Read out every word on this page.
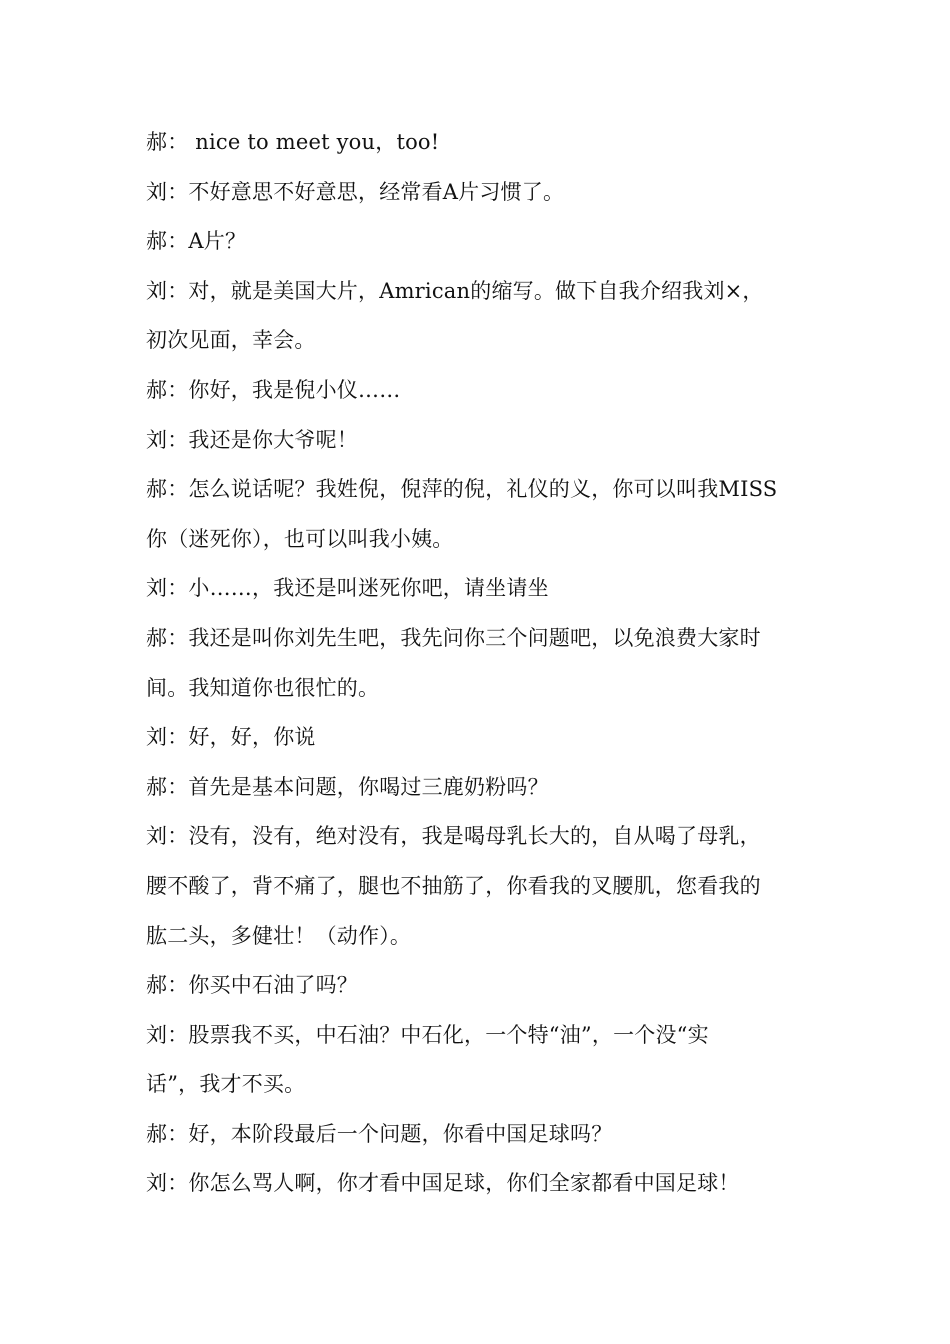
郝： nice to meet you，too!
刘：不好意思不好意思，经常看A片习惯了。
郝：A片？
刘：对，就是美国大片，Amrican的缩写。做下自我介绍我刘×，
初次见面，幸会。
郝：你好，我是倪小仪……
刘：我还是你大爷呢！
郝：怎么说话呢？我姓倪，倪萍的倪，礼仪的义，你可以叫我MISS
你（迷死你），也可以叫我小姨。
刘：小……，我还是叫迷死你吧，请坐请坐
郝：我还是叫你刘先生吧，我先问你三个问题吧，以免浪费大家时
间。我知道你也很忙的。
刘：好，好，你说
郝：首先是基本问题，你喝过三鹿奶粉吗？
刘：没有，没有，绝对没有，我是喝母乳长大的，自从喝了母乳，
腰不酸了，背不痛了，腿也不抽筋了，你看我的叉腰肌，您看我的
肱二头，多健壮！（动作）。
郝：你买中石油了吗？
刘：股票我不买，中石油？中石化，一个特“油”，一个没“实
话”，我才不买。
郝：好，本阶段最后一个问题，你看中国足球吗？
刘：你怎么骂人啊，你才看中国足球，你们全家都看中国足球！
